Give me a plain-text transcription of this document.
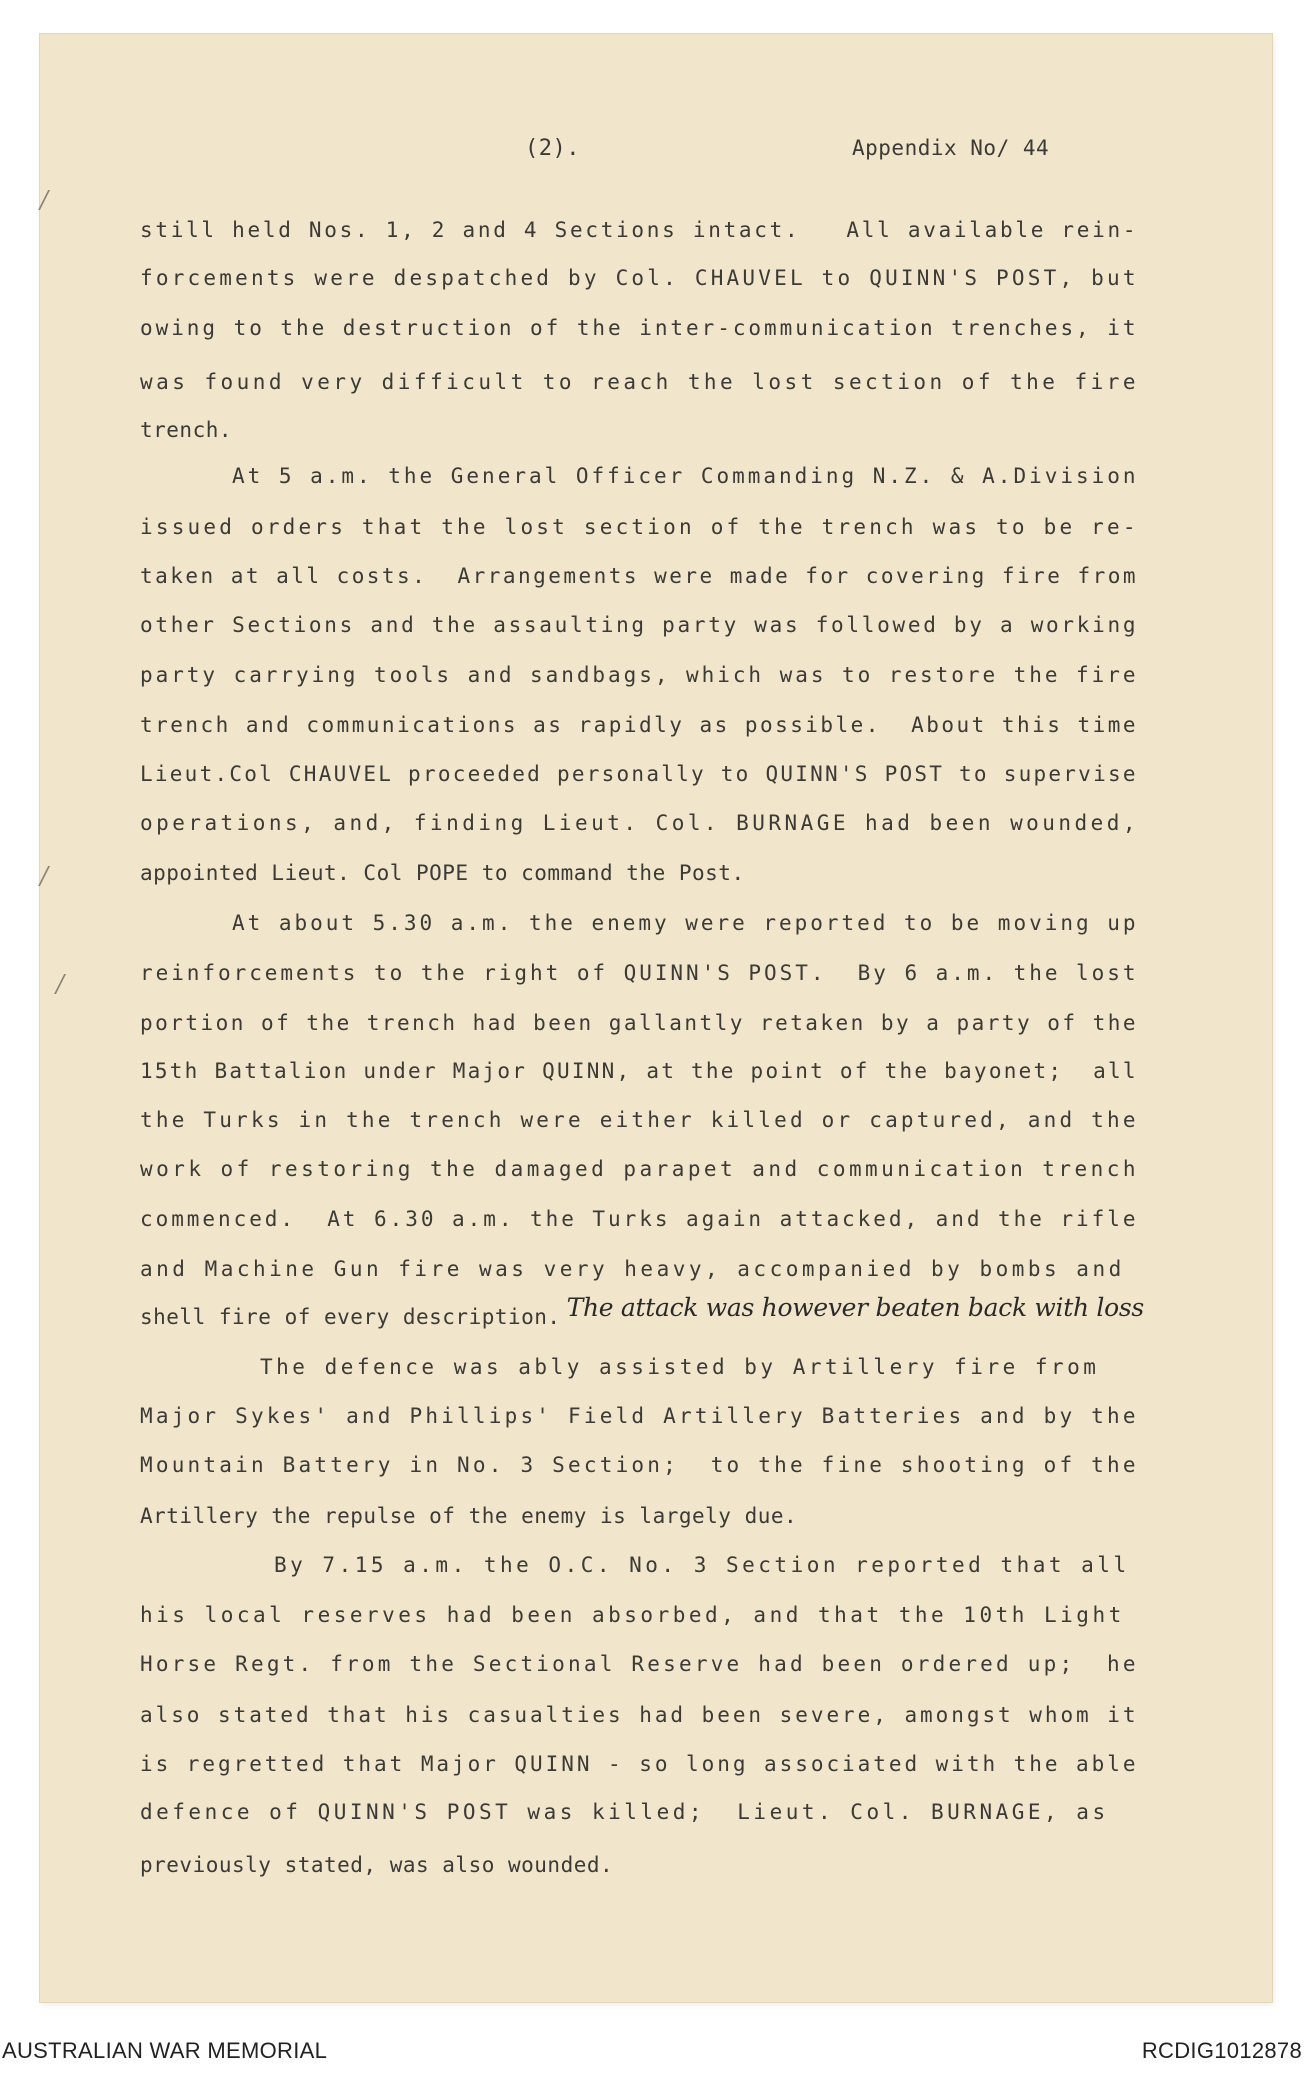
(2).	Appendix No/ 44
/
/
/
still held Nos. 1, 2 and 4 Sections intact.   All available rein-
forcements were despatched by Col. CHAUVEL to QUINN'S POST, but
owing to the destruction of the inter-communication trenches, it
was found very difficult to reach the lost section of the fire
trench.
At 5 a.m. the General Officer Commanding N.Z. & A.Division
issued orders that the lost section of the trench was to be re-
taken at all costs.  Arrangements were made for covering fire from
other Sections and the assaulting party was followed by a working
party carrying tools and sandbags, which was to restore the fire
trench and communications as rapidly as possible.  About this time
Lieut.Col CHAUVEL proceeded personally to QUINN'S POST to supervise
operations, and, finding Lieut. Col. BURNAGE had been wounded,
appointed Lieut. Col POPE to command the Post.
At about 5.30 a.m. the enemy were reported to be moving up
reinforcements to the right of QUINN'S POST.  By 6 a.m. the lost
portion of the trench had been gallantly retaken by a party of the
15th Battalion under Major QUINN, at the point of the bayonet;  all
the Turks in the trench were either killed or captured, and the
work of restoring the damaged parapet and communication trench
commenced.  At 6.30 a.m. the Turks again attacked, and the rifle
and Machine Gun fire was very heavy, accompanied by bombs and
shell fire of every description. The attack was however beaten back with loss
The defence was ably assisted by Artillery fire from
Major Sykes' and Phillips' Field Artillery Batteries and by the
Mountain Battery in No. 3 Section;  to the fine shooting of the
Artillery the repulse of the enemy is largely due.
By 7.15 a.m. the O.C. No. 3 Section reported that all
his local reserves had been absorbed, and that the 10th Light
Horse Regt. from the Sectional Reserve had been ordered up;  he
also stated that his casualties had been severe, amongst whom it
is regretted that Major QUINN - so long associated with the able
defence of QUINN'S POST was killed;  Lieut. Col. BURNAGE, as
previously stated, was also wounded.
AUSTRALIAN WAR MEMORIAL	RCDIG1012878
